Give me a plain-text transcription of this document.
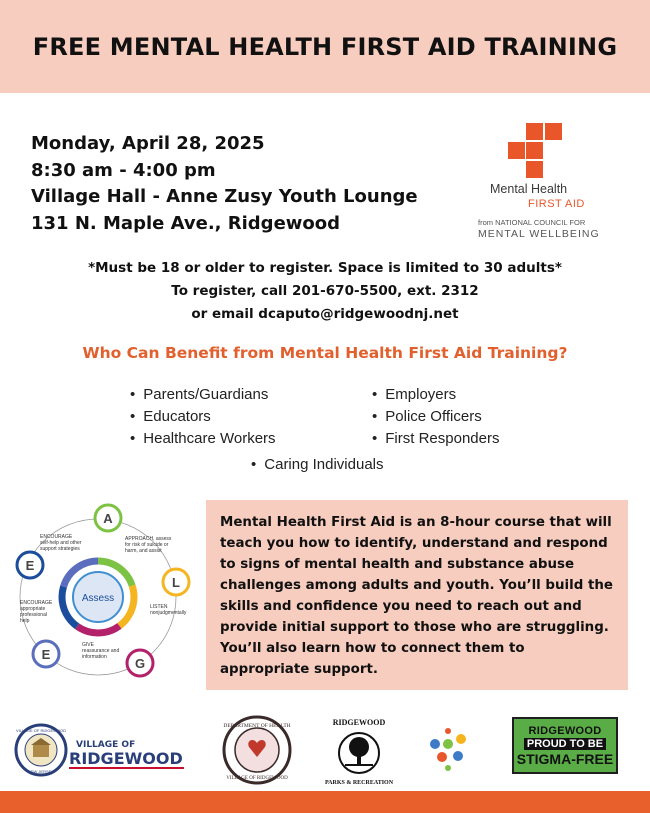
FREE MENTAL HEALTH FIRST AID TRAINING
Monday, April 28, 2025
8:30 am - 4:00 pm
Village Hall - Anne Zusy Youth Lounge
131 N. Maple Ave., Ridgewood
Mental Health
FIRST AID
from NATIONAL COUNCIL FOR
MENTAL WELLBEING
*Must be 18 or older to register. Space is limited to 30 adults*
To register, call 201-670-5500, ext. 2312
or email dcaputo@ridgewoodnj.net
Who Can Benefit from Mental Health First Aid Training?
• Parents/Guardians
• Educators
• Healthcare Workers
• Employers
• Police Officers
• First Responders
• Caring Individuals
Assess
A
APPROACH, assess for risk of suicide or harm, and assist
L
LISTEN nonjudgmentally
G
GIVE reassurance and information
E
ENCOURAGE appropriate professional help
E
ENCOURAGE self-help and other support strategies
Mental Health First Aid is an 8-hour course that will teach you how to identify, understand and respond to signs of mental health and substance abuse challenges among adults and youth. You’ll build the skills and confidence you need to reach out and provide initial support to those who are struggling. You’ll also learn how to connect them to appropriate support.
VILLAGE OF RIDGEWOOD
NEW JERSEY
VILLAGE OF
RIDGEWOOD
DEPARTMENT OF HEALTH
VILLAGE OF RIDGEWOOD
RIDGEWOOD
PARKS & RECREATION
RIDGEWOOD
PROUD TO BE
STIGMA-FREE
